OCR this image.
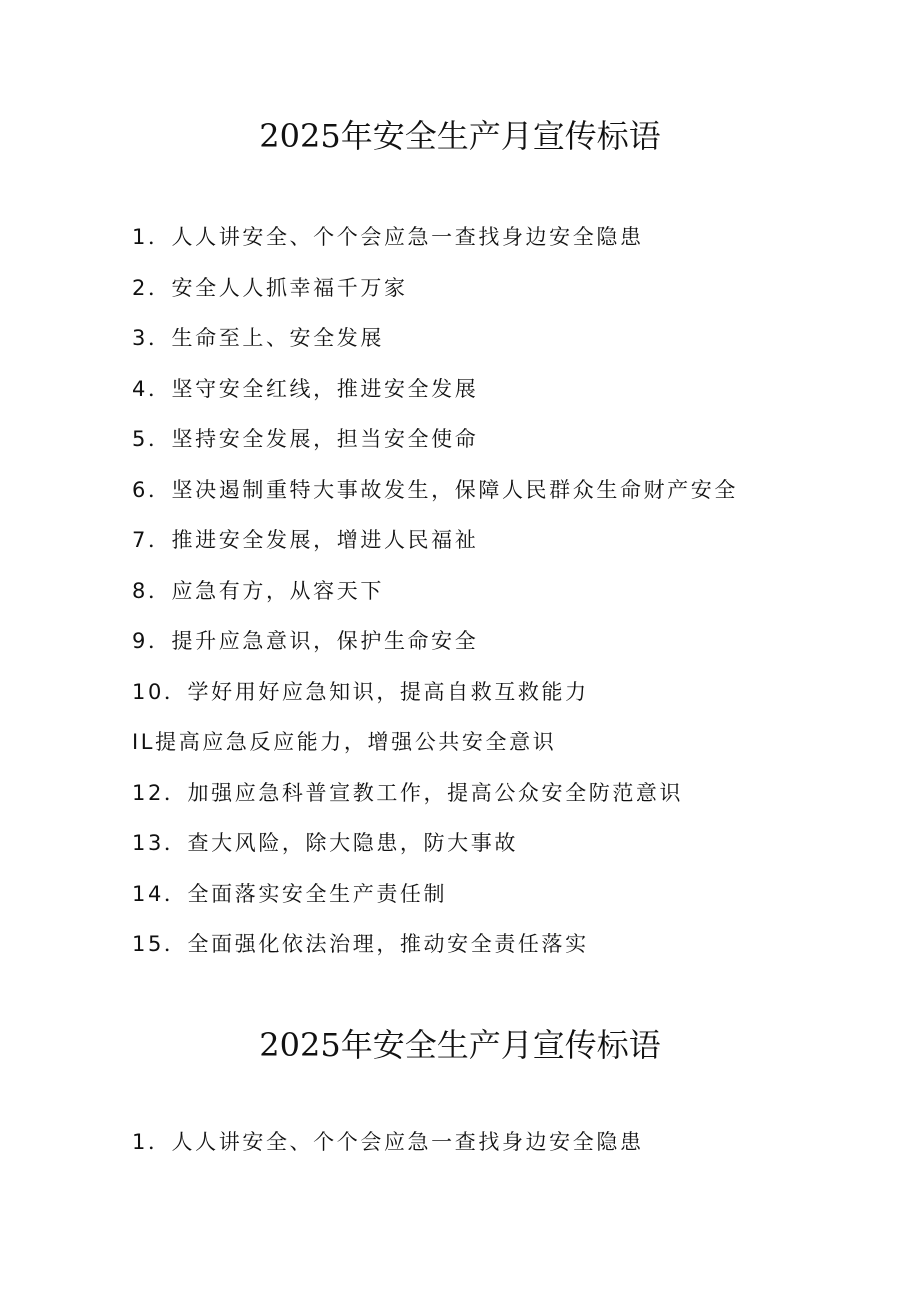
2025年安全生产月宣传标语
1．人人讲安全、个个会应急一查找身边安全隐患
2．安全人人抓幸福千万家
3．生命至上、安全发展
4．坚守安全红线，推进安全发展
5．坚持安全发展，担当安全使命
6．坚决遏制重特大事故发生，保障人民群众生命财产安全
7．推进安全发展，增进人民福祉
8．应急有方，从容天下
9．提升应急意识，保护生命安全
10．学好用好应急知识，提高自救互救能力
IL提高应急反应能力，增强公共安全意识
12．加强应急科普宣教工作，提高公众安全防范意识
13．查大风险，除大隐患，防大事故
14．全面落实安全生产责任制
15．全面强化依法治理，推动安全责任落实
2025年安全生产月宣传标语
1．人人讲安全、个个会应急一查找身边安全隐患
